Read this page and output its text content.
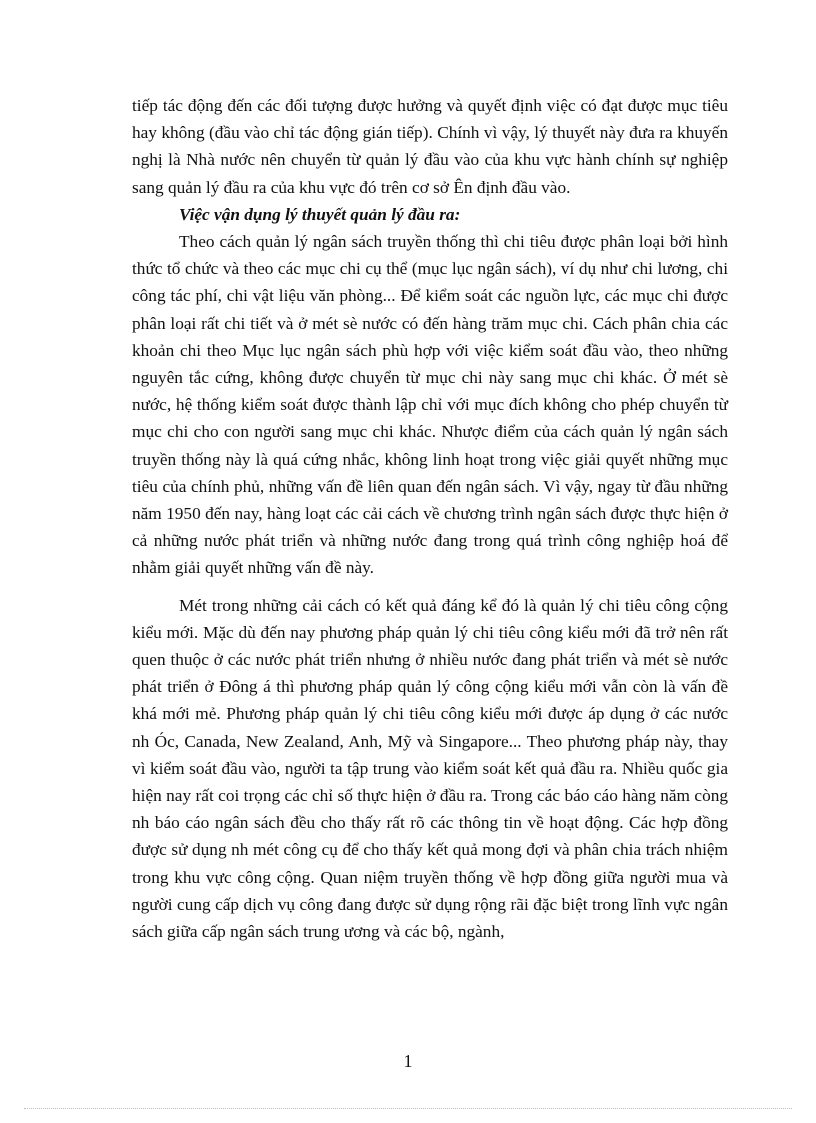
tiếp tác động đến các đối tượng được hưởng và quyết định việc có đạt được mục tiêu hay không (đầu vào chỉ tác động gián tiếp). Chính vì vậy, lý thuyết này đưa ra khuyến nghị là Nhà nước nên chuyển từ quản lý đầu vào của khu vực hành chính sự nghiệp sang quản lý đầu ra của khu vực đó trên cơ sở Ên định đầu vào.

Việc vận dụng lý thuyết quản lý đầu ra:

Theo cách quản lý ngân sách truyền thống thì chi tiêu được phân loại bởi hình thức tổ chức và theo các mục chi cụ thể (mục lục ngân sách), ví dụ như chi lương, chi công tác phí, chi vật liệu văn phòng... Để kiểm soát các nguồn lực, các mục chi được phân loại rất chi tiết và ở mét sè nước có đến hàng trăm mục chi. Cách phân chia các khoản chi theo Mục lục ngân sách phù hợp với việc kiểm soát đầu vào, theo những nguyên tắc cứng, không được chuyển từ mục chi này sang mục chi khác. Ở mét sè nước, hệ thống kiểm soát được thành lập chỉ với mục đích không cho phép chuyển từ mục chi cho con người sang mục chi khác. Nhược điểm của cách quản lý ngân sách truyền thống này là quá cứng nhắc, không linh hoạt trong việc giải quyết những mục tiêu của chính phủ, những vấn đề liên quan đến ngân sách. Vì vậy, ngay từ đầu những năm 1950 đến nay, hàng loạt các cải cách về chương trình ngân sách được thực hiện ở cả những nước phát triển và những nước đang trong quá trình công nghiệp hoá để nhằm giải quyết những vấn đề này.

Mét trong những cải cách có kết quả đáng kể đó là quản lý chi tiêu công cộng kiểu mới. Mặc dù đến nay phương pháp quản lý chi tiêu công kiểu mới đã trở nên rất quen thuộc ở các nước phát triển nhưng ở nhiều nước đang phát triển và mét sè nước phát triển ở Đông á thì phương pháp quản lý công cộng kiểu mới vẫn còn là vấn đề khá mới mẻ. Phương pháp quản lý chi tiêu công kiểu mới được áp dụng ở các nước nh Óc, Canada, New Zealand, Anh, Mỹ và Singapore... Theo phương pháp này, thay vì kiểm soát đầu vào, người ta tập trung vào kiểm soát kết quả đầu ra. Nhiều quốc gia hiện nay rất coi trọng các chỉ số thực hiện ở đầu ra. Trong các báo cáo hàng năm còng nh báo cáo ngân sách đều cho thấy rất rõ các thông tin về hoạt động. Các hợp đồng được sử dụng nh mét công cụ để cho thấy kết quả mong đợi và phân chia trách nhiệm trong khu vực công cộng. Quan niệm truyền thống về hợp đồng giữa người mua và người cung cấp dịch vụ công đang được sử dụng rộng rãi đặc biệt trong lĩnh vực ngân sách giữa cấp ngân sách trung ương và các bộ, ngành,

1
